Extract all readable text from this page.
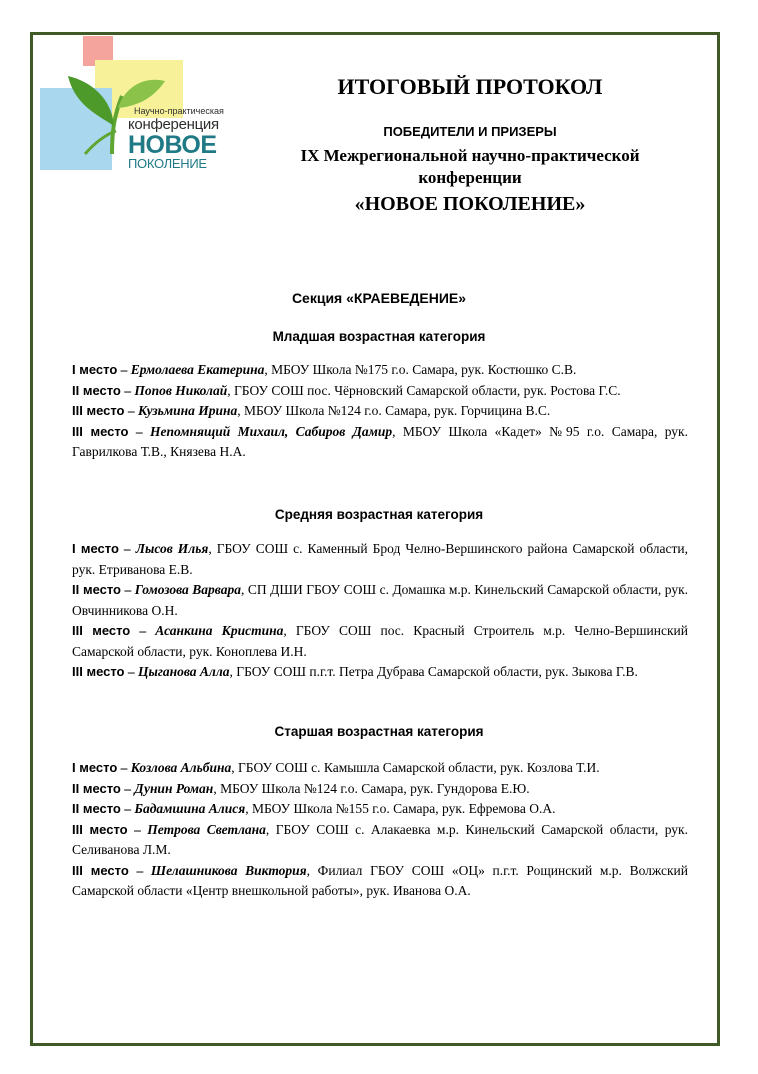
Научно-практическая
конференция
НОВОЕ
ПОКОЛЕНИЕ
ИТОГОВЫЙ ПРОТОКОЛ
ПОБЕДИТЕЛИ И ПРИЗЕРЫ
IX Межрегиональной научно-практической
конференции
«НОВОЕ ПОКОЛЕНИЕ»
Секция «КРАЕВЕДЕНИЕ»
Младшая возрастная категория

I место – Ермолаева Екатерина, МБОУ Школа №175 г.о. Самара, рук. Костюшко С.В.

II место – Попов Николай, ГБОУ СОШ пос. Чёрновский Самарской области, рук. Ростова Г.С.

III место – Кузьмина Ирина, МБОУ Школа №124 г.о. Самара, рук. Горчицина В.С.

III место – Непомнящий Михаил, Сабиров Дамир, МБОУ Школа «Кадет» №95 г.о. Самара, рук. Гаврилкова Т.В., Князева Н.А.

Средняя возрастная категория

I место – Лысов Илья, ГБОУ СОШ с. Каменный Брод Челно-Вершинского района Самарской области, рук. Етриванова Е.В.

II место – Гомозова Варвара, СП ДШИ ГБОУ СОШ с. Домашка м.р. Кинельский Самарской области, рук. Овчинникова О.Н.

III место – Асанкина Кристина, ГБОУ СОШ пос. Красный Строитель м.р. Челно-Вершинский Самарской области, рук. Коноплева И.Н.

III место – Цыганова Алла, ГБОУ СОШ п.г.т. Петра Дубрава Самарской области, рук. Зыкова Г.В.

Старшая возрастная категория

I место – Козлова Альбина, ГБОУ СОШ с. Камышла Самарской области, рук. Козлова Т.И.

II место – Дунин Роман, МБОУ Школа №124 г.о. Самара, рук. Гундорова Е.Ю.

II место – Бадамшина Алися, МБОУ Школа №155 г.о. Самара, рук. Ефремова О.А.

III место – Петрова Светлана, ГБОУ СОШ с. Алакаевка м.р. Кинельский Самарской области, рук. Селиванова Л.М.

III место – Шелашникова Виктория, Филиал ГБОУ СОШ «ОЦ» п.г.т. Рощинский м.р. Волжский Самарской области «Центр внешкольной работы», рук. Иванова О.А.
